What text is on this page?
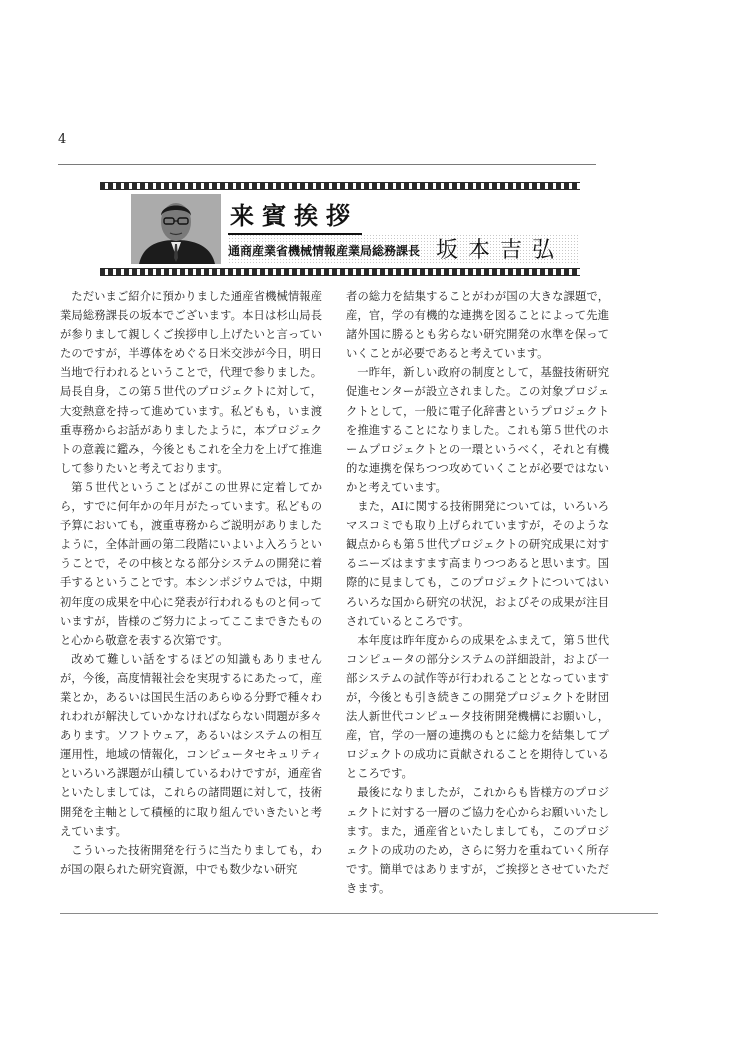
4
来賓挨拶
通商産業省機械情報産業局総務課長 坂本吉弘

ただいまご紹介に預かりました通産省機械情報産業局総務課長の坂本でございます。本日は杉山局長が参りまして親しくご挨拶申し上げたいと言っていたのですが，半導体をめぐる日米交渉が今日，明日当地で行われるということで，代理で参りました。局長自身，この第５世代のプロジェクトに対して，大変熱意を持って進めています。私どもも，いま渡重専務からお話がありましたように，本プロジェクトの意義に鑑み，今後ともこれを全力を上げて推進して参りたいと考えております。

第５世代ということばがこの世界に定着してから，すでに何年かの年月がたっています。私どもの予算においても，渡重専務からご説明がありましたように，全体計画の第二段階にいよいよ入ろうということで，その中核となる部分システムの開発に着手するということです。本シンポジウムでは，中期初年度の成果を中心に発表が行われるものと伺っていますが，皆様のご努力によってここまできたものと心から敬意を表する次第です。

改めて難しい話をするほどの知識もありませんが，今後，高度情報社会を実現するにあたって，産業とか，あるいは国民生活のあらゆる分野で種々われわれが解決していかなければならない問題が多々あります。ソフトウェア，あるいはシステムの相互運用性，地域の情報化，コンピュータセキュリティといろいろ課題が山積しているわけですが，通産省といたしましては，これらの諸問題に対して，技術開発を主軸として積極的に取り組んでいきたいと考えています。

こういった技術開発を行うに当たりましても，わが国の限られた研究資源，中でも数少ない研究

者の総力を結集することがわが国の大きな課題で，産，官，学の有機的な連携を図ることによって先進諸外国に勝るとも劣らない研究開発の水準を保っていくことが必要であると考えています。

一昨年，新しい政府の制度として，基盤技術研究促進センターが設立されました。この対象プロジェクトとして，一般に電子化辞書というプロジェクトを推進することになりました。これも第５世代のホームプロジェクトとの一環というべく，それと有機的な連携を保ちつつ攻めていくことが必要ではないかと考えています。

また，AIに関する技術開発については，いろいろマスコミでも取り上げられていますが，そのような観点からも第５世代プロジェクトの研究成果に対するニーズはますます高まりつつあると思います。国際的に見ましても，このプロジェクトについてはいろいろな国から研究の状況，およびその成果が注目されているところです。

本年度は昨年度からの成果をふまえて，第５世代コンピュータの部分システムの詳細設計，および一部システムの試作等が行われることとなっていますが，今後とも引き続きこの開発プロジェクトを財団法人新世代コンピュータ技術開発機構にお願いし，産，官，学の一層の連携のもとに総力を結集してプロジェクトの成功に貢献されることを期待しているところです。

最後になりましたが，これからも皆様方のプロジェクトに対する一層のご協力を心からお願いいたします。また，通産省といたしましても，このプロジェクトの成功のため，さらに努力を重ねていく所存です。簡単ではありますが，ご挨拶とさせていただきます。
